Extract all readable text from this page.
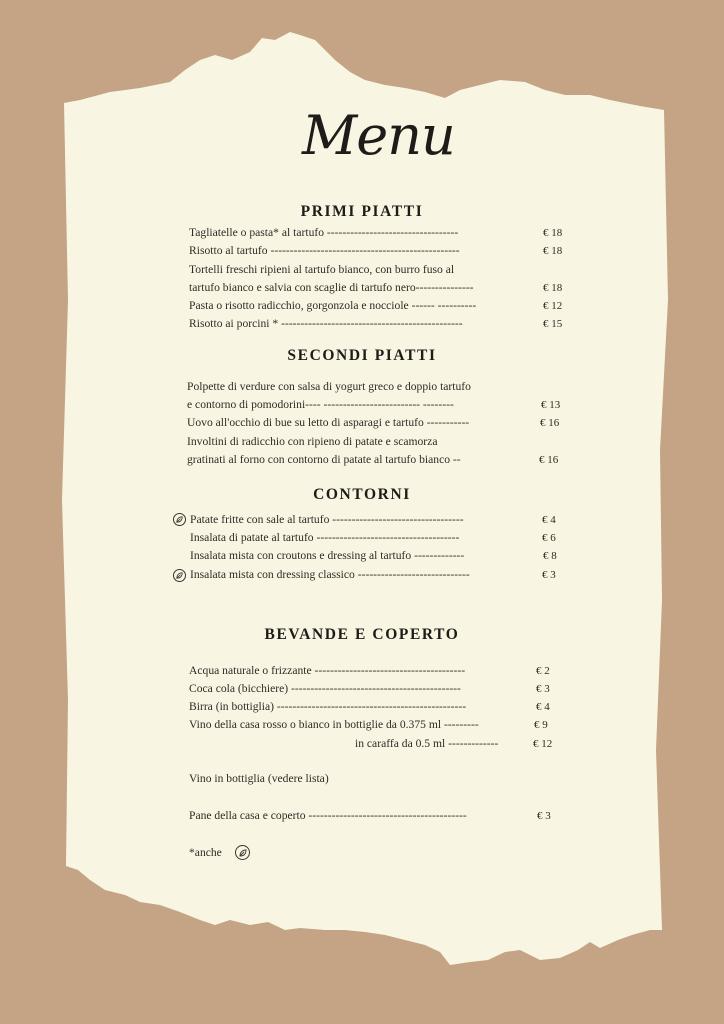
Menu
PRIMI PIATTI
Tagliatelle o pasta* al tartufo ----------------------------------	€ 18
Risotto al tartufo -------------------------------------------------	€ 18
Tortelli freschi ripieni al tartufo bianco, con burro fuso al
tartufo bianco e salvia con scaglie di tartufo nero---------------	€ 18
Pasta o risotto radicchio, gorgonzola e nocciole ------ ----------	€ 12
Risotto ai porcini * -----------------------------------------------	€ 15
SECONDI PIATTI
Polpette di verdure con salsa di yogurt greco e doppio tartufo
e contorno di pomodorini---- ------------------------- --------	€ 13
Uovo all'occhio di bue su letto di asparagi e tartufo -----------	€ 16
Involtini di radicchio con ripieno di patate e scamorza
gratinati al forno con contorno di patate al tartufo bianco --	€ 16
CONTORNI
Patate fritte con sale al tartufo ----------------------------------	€ 4
Insalata di patate al tartufo -------------------------------------	€ 6
Insalata mista con croutons e dressing al tartufo -------------	€ 8
Insalata mista con dressing classico -----------------------------	€ 3
BEVANDE E COPERTO
Acqua naturale o frizzante ---------------------------------------	€ 2
Coca cola (bicchiere) --------------------------------------------	€ 3
Birra (in bottiglia) -------------------------------------------------	€ 4
Vino della casa rosso o bianco in bottiglie da 0.375 ml ---------	€ 9
in caraffa da 0.5 ml -------------	€ 12
Vino in bottiglia (vedere lista)
Pane della casa e coperto -----------------------------------------	€ 3
*anche
